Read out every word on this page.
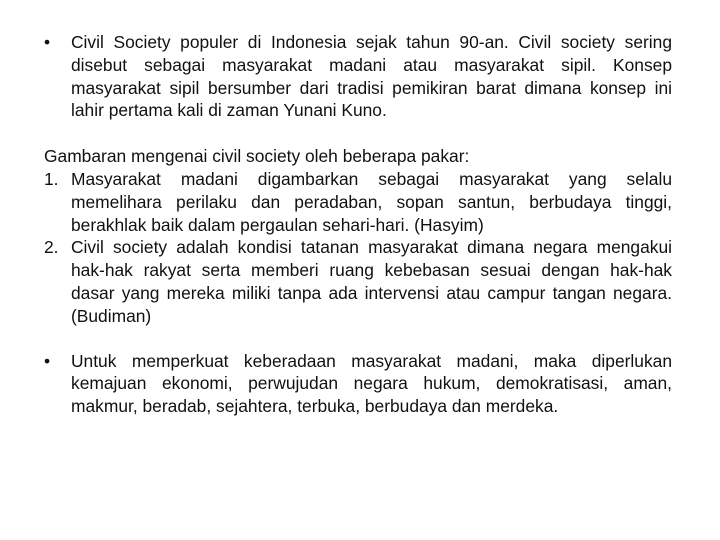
•	Civil Society populer di Indonesia sejak tahun 90-an. Civil society sering disebut sebagai masyarakat madani atau masyarakat sipil. Konsep masyarakat sipil bersumber dari tradisi pemikiran barat dimana konsep ini lahir pertama kali di zaman Yunani Kuno.
Gambaran mengenai civil society oleh beberapa pakar:
1. Masyarakat madani digambarkan sebagai masyarakat yang selalu memelihara perilaku dan peradaban, sopan santun, berbudaya tinggi, berakhlak baik dalam pergaulan sehari-hari. (Hasyim)
2. Civil society adalah kondisi tatanan masyarakat dimana negara mengakui hak-hak rakyat serta memberi ruang kebebasan sesuai dengan hak-hak dasar yang mereka miliki tanpa ada intervensi atau campur tangan negara. (Budiman)
•	Untuk memperkuat keberadaan masyarakat madani, maka diperlukan kemajuan ekonomi, perwujudan negara hukum, demokratisasi, aman, makmur, beradab, sejahtera, terbuka, berbudaya dan merdeka.
